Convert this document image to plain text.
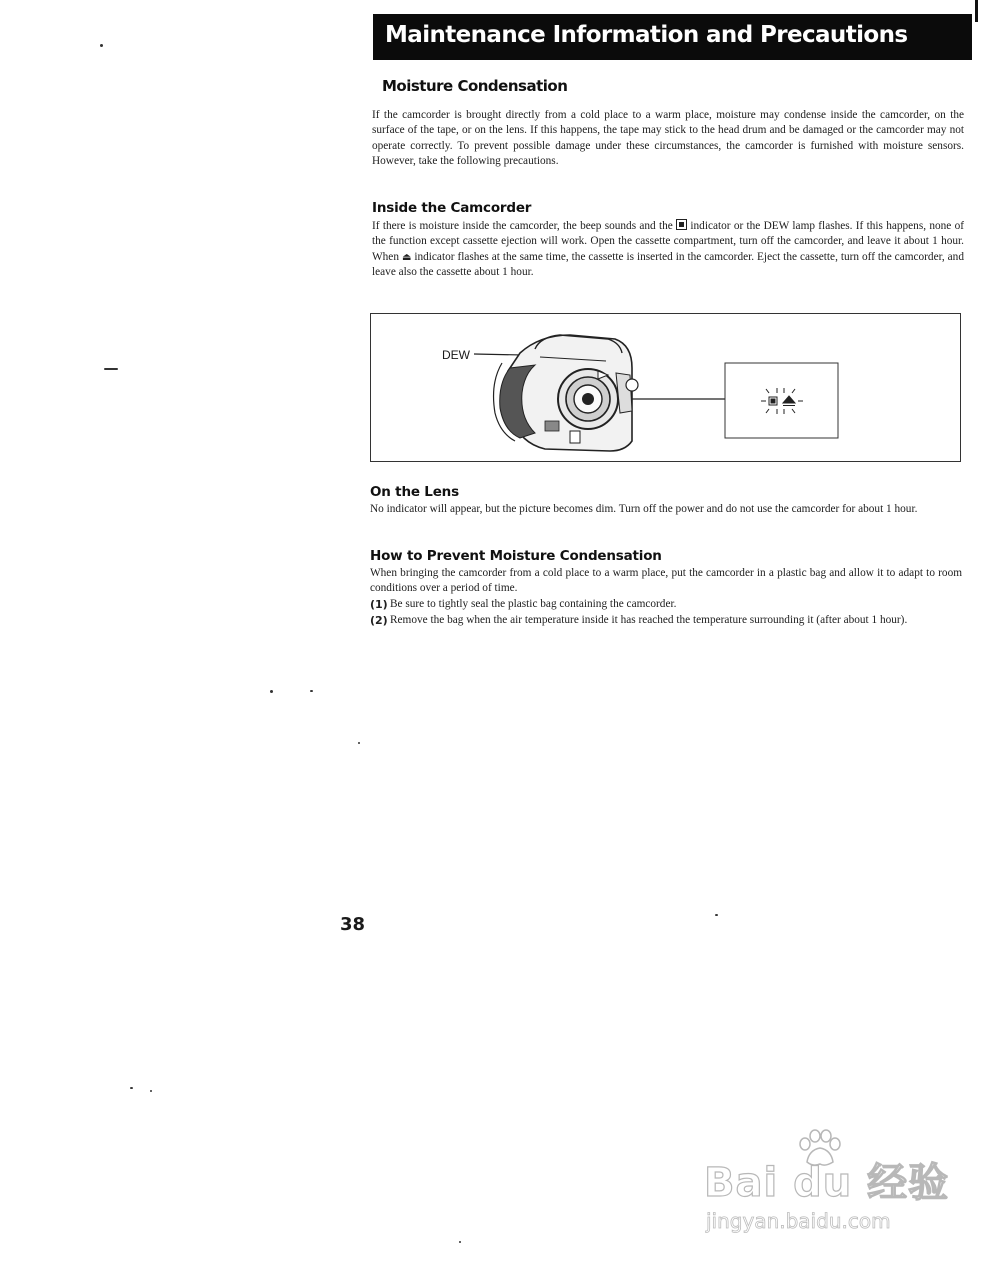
Maintenance Information and Precautions
Moisture Condensation
If the camcorder is brought directly from a cold place to a warm place, moisture may condense inside the camcorder, on the surface of the tape, or on the lens. If this happens, the tape may stick to the head drum and be damaged or the camcorder may not operate correctly. To prevent possible damage under these circumstances, the camcorder is furnished with moisture sensors. However, take the following precautions.
Inside the Camcorder
If there is moisture inside the camcorder, the beep sounds and the
indicator or the DEW lamp flashes. If this happens, none of the function except cassette ejection will work. Open the cassette compartment, turn off the camcorder, and leave it about 1 hour. When ⏏ indicator flashes at the same time, the cassette is inserted in the camcorder. Eject the cassette, turn off the camcorder, and leave also the cassette about 1 hour.
DEW
On the Lens
No indicator will appear, but the picture becomes dim. Turn off the power and do not use the camcorder for about 1 hour.
How to Prevent Moisture Condensation
When bringing the camcorder from a cold place to a warm place, put the camcorder in a plastic bag and allow it to adapt to room conditions over a period of time.
(1) Be sure to tightly seal the plastic bag containing the camcorder.
(2) Remove the bag when the air temperature inside it has reached the temperature surrounding it (after about 1 hour).
38
Bai du 经验
jingyan.baidu.com
